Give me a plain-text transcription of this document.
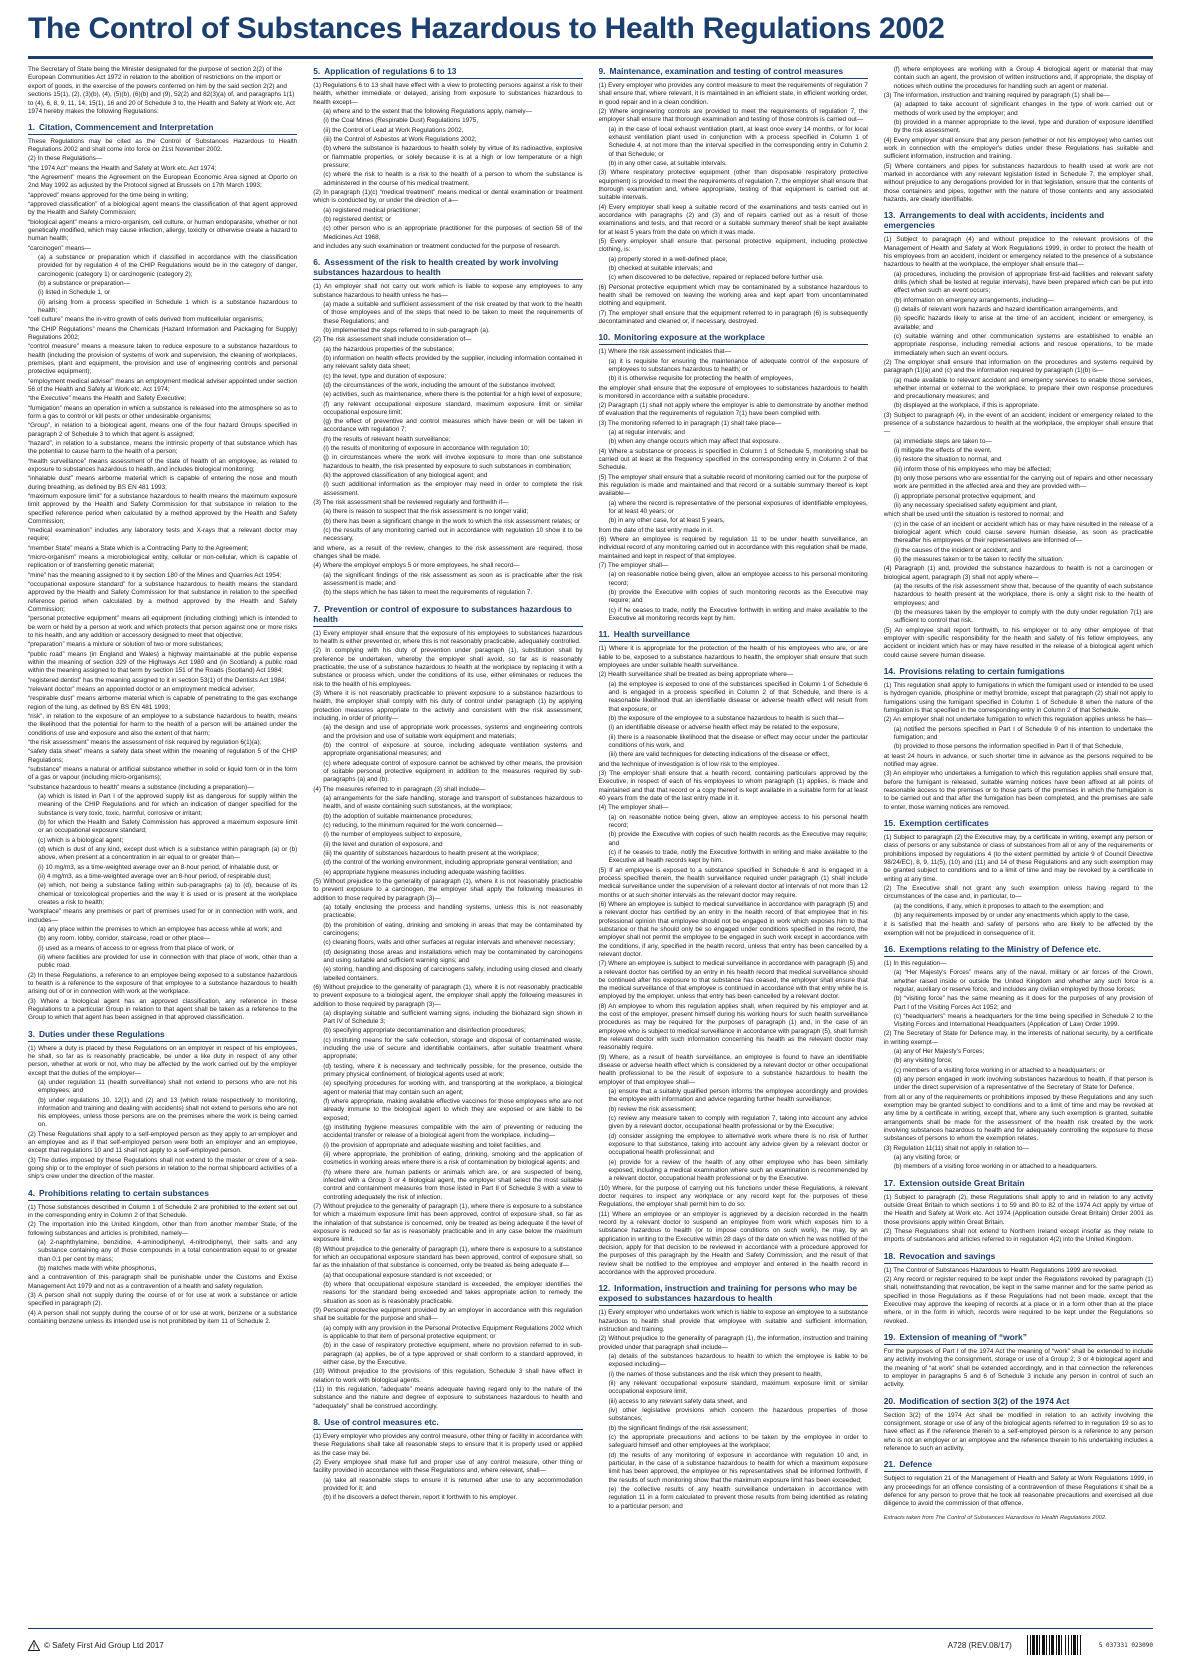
The Control of Substances Hazardous to Health Regulations 2002

The Secretary of State being the Minister designated for the purpose of section 2(2) of the European Communities Act 1972 in relation to the abolition of restrictions on the import or export of goods, in the exercise of the powers conferred on him by the said section 2(2) and sections 15(1), (2), (3)(b), (4), (5)(b), (6)(b) and (9), 52(2) and 82(3)(a) of, and paragraphs 1(1) to (4), 6, 8, 9, 11, 14, 15(1), 16 and 20 of Schedule 3 to, the Health and Safety at Work etc. Act 1974 hereby makes the following Regulations:

1. Citation, Commencement and Interpretation

These Regulations may be cited as the Control of Substances Hazardous to Health Regulations 2002 and shall come into force on 21st November 2002.

(2) In these Regulations—

“the 1974 Act” means the Health and Safety at Work etc. Act 1974;

“the Agreement” means the Agreement on the European Economic Area signed at Oporto on 2nd May 1992 as adjusted by the Protocol signed at Brussels on 17th March 1993;

“approved” means approved for the time being in writing;

“approved classification” of a biological agent means the classification of that agent approved by the Health and Safety Commission;

“biological agent” means a micro-organism, cell culture, or human endoparasite, whether or not genetically modified, which may cause infection, allergy, toxicity or otherwise create a hazard to human health;

“carcinogen” means—

(a) a substance or preparation which if classified in accordance with the classification provided for by regulation 4 of the CHIP Regulations would be in the category of danger, carcinogenic (category 1) or carcinogenic (category 2);

(b) a substance or preparation—

(i) listed in Schedule 1, or

(ii) arising from a process specified in Schedule 1 which is a substance hazardous to health;

“cell culture” means the in-vitro growth of cells derived from multicellular organisms;

“the CHIP Regulations” means the Chemicals (Hazard Information and Packaging for Supply) Regulations 2002;

“control measure” means a measure taken to reduce exposure to a substance hazardous to health (including the provision of systems of work and supervision, the cleaning of workplaces, premises, plant and equipment, the provision and use of engineering controls and personal protective equipment);

“employment medical adviser” means an employment medical adviser appointed under section 56 of the Health and Safety at Work etc. Act 1974;

“the Executive” means the Health and Safety Executive;

“fumigation” means an operation in which a substance is released into the atmosphere so as to form a gas to control or kill pests or other undesirable organisms;

“Group”, in relation to a biological agent, means one of the four hazard Groups specified in paragraph 2 of Schedule 3 to which that agent is assigned;

“hazard”, in relation to a substance, means the intrinsic property of that substance which has the potential to cause harm to the health of a person;

“health surveillance” means assessment of the state of health of an employee, as related to exposure to substances hazardous to health, and includes biological monitoring;

“inhalable dust” means airborne material which is capable of entering the nose and mouth during breathing, as defined by BS EN 481 1993;

“maximum exposure limit” for a substance hazardous to health means the maximum exposure limit approved by the Health and Safety Commission for that substance in relation to the specified reference period when calculated by a method approved by the Health and Safety Commission;

“medical examination” includes any laboratory tests and X-rays that a relevant doctor may require;

“member State” means a State which is a Contracting Party to the Agreement;

“micro-organism” means a microbiological entity, cellular or non-cellular, which is capable of replication or of transferring genetic material;

“mine” has the meaning assigned to it by section 180 of the Mines and Quarries Act 1954;

“occupational exposure standard” for a substance hazardous to health means the standard approved by the Health and Safety Commission for that substance in relation to the specified reference period when calculated by a method approved by the Health and Safety Commission;

“personal protective equipment” means all equipment (including clothing) which is intended to be worn or held by a person at work and which protects that person against one or more risks to his health, and any addition or accessory designed to meet that objective;

“preparation” means a mixture or solution of two or more substances;

“public road” means (in England and Wales) a highway maintainable at the public expense within the meaning of section 329 of the Highways Act 1980 and (in Scotland) a public road within the meaning assigned to that term by section 151 of the Roads (Scotland) Act 1984;

“registered dentist” has the meaning assigned to it in section 53(1) of the Dentists Act 1984;

“relevant doctor” means an appointed doctor or an employment medical adviser;

“respirable dust” means airborne material which is capable of penetrating to the gas exchange region of the lung, as defined by BS EN 481 1993;

“risk”, in relation to the exposure of an employee to a substance hazardous to health, means the likelihood that the potential for harm to the health of a person will be attained under the conditions of use and exposure and also the extent of that harm;

“the risk assessment” means the assessment of risk required by regulation 6(1)(a);

“safety data sheet” means a safety data sheet within the meaning of regulation 5 of the CHIP Regulations;

“substance” means a natural or artificial substance whether in solid or liquid form or in the form of a gas or vapour (including micro-organisms);

“substance hazardous to health” means a substance (including a preparation)—

(a) which is listed in Part I of the approved supply list as dangerous for supply within the meaning of the CHIP Regulations and for which an indication of danger specified for the substance is very toxic, toxic, harmful, corrosive or irritant;

(b) for which the Health and Safety Commission has approved a maximum exposure limit or an occupational exposure standard;

(c) which is a biological agent;

(d) which is dust of any kind, except dust which is a substance within paragraph (a) or (b) above, when present at a concentration in air equal to or greater than—

(i) 10 mg/m3, as a time-weighted average over an 8-hour period, of inhalable dust, or

(ii) 4 mg/m3, as a time-weighted average over an 8-hour period, of respirable dust;

(e) which, not being a substance falling within sub-paragraphs (a) to (d), because of its chemical or toxicological properties and the way it is used or is present at the workplace creates a risk to health;

“workplace” means any premises or part of premises used for or in connection with work, and includes—

(a) any place within the premises to which an employee has access while at work; and

(b) any room, lobby, corridor, staircase, road or other place—

(i) used as a means of access to or egress from that place of work, or

(ii) where facilities are provided for use in connection with that place of work, other than a public road.

(2) In these Regulations, a reference to an employee being exposed to a substance hazardous to health is a reference to the exposure of that employee to a substance hazardous to health arising out of or in connection with work at the workplace.

(3) Where a biological agent has an approved classification, any reference in these Regulations to a particular Group in relation to that agent shall be taken as a reference to the Group to which that agent has been assigned in that approved classification.

3. Duties under these Regulations

(1) Where a duty is placed by these Regulations on an employer in respect of his employees, he shall, so far as is reasonably practicable, be under a like duty in respect of any other person, whether at work or not, who may be affected by the work carried out by the employer except that the duties of the employer—

(a) under regulation 11 (health surveillance) shall not extend to persons who are not his employees; and

(b) under regulations 10, 12(1) and (2) and 13 (which relate respectively to monitoring, information and training and dealing with accidents) shall not extend to persons who are not his employees, unless those persons are on the premises where the work is being carried on.

(2) These Regulations shall apply to a self-employed person as they apply to an employer and an employee and as if that self-employed person were both an employer and an employee, except that regulations 10 and 11 shall not apply to a self-employed person.

(3) The duties imposed by these Regulations shall not extend to the master or crew of a sea-going ship or to the employer of such persons in relation to the normal shipboard activities of a ship's crew under the direction of the master.

4. Prohibitions relating to certain substances

(1) Those substances described in Column 1 of Schedule 2 are prohibited to the extent set out in the corresponding entry in Column 2 of that Schedule.

(2) The importation into the United Kingdom, other than from another member State, of the following substances and articles is prohibited, namely—

(a) 2-naphthylamine, benzidine, 4-aminodiphenyl, 4-nitrodiphenyl, their salts and any substance containing any of those compounds in a total concentration equal to or greater than 0.1 per cent by mass;

(b) matches made with white phosphorus,

and a contravention of this paragraph shall be punishable under the Customs and Excise Management Act 1979 and not as a contravention of a health and safety regulation.

(3) A person shall not supply during the course of or for use at work a substance or article specified in paragraph (2).

(4) A person shall not supply during the course of or for use at work, benzene or a substance containing benzene unless its intended use is not prohibited by item 11 of Schedule 2.

5. Application of regulations 6 to 13

(1) Regulations 6 to 13 shall have effect with a view to protecting persons against a risk to their health, whether immediate or delayed, arising from exposure to substances hazardous to health except—

(a) where and to the extent that the following Regulations apply, namely—

(i) the Coal Mines (Respirable Dust) Regulations 1975,

(ii) the Control of Lead at Work Regulations 2002,

(iii) the Control of Asbestos at Work Regulations 2002;

(b) where the substance is hazardous to health solely by virtue of its radioactive, explosive or flammable properties, or solely because it is at a high or low temperature or a high pressure;

(c) where the risk to health is a risk to the health of a person to whom the substance is administered in the course of his medical treatment.

(2) In paragraph (1)(c) “medical treatment” means medical or dental examination or treatment which is conducted by, or under the direction of a—

(a) registered medical practitioner;

(b) registered dentist; or

(c) other person who is an appropriate practitioner for the purposes of section 58 of the Medicines Act 1968,

and includes any such examination or treatment conducted for the purpose of research.

6. Assessment of the risk to health created by work involving substances hazardous to health

(1) An employer shall not carry out work which is liable to expose any employees to any substance hazardous to health unless he has—

(a) made a suitable and sufficient assessment of the risk created by that work to the health of those employees and of the steps that need to be taken to meet the requirements of these Regulations; and

(b) implemented the steps referred to in sub-paragraph (a).

(2) The risk assessment shall include consideration of—

(a) the hazardous properties of the substance;

(b) information on health effects provided by the supplier, including information contained in any relevant safety data sheet;

(c) the level, type and duration of exposure;

(d) the circumstances of the work, including the amount of the substance involved;

(e) activities, such as maintenance, where there is the potential for a high level of exposure;

(f) any relevant occupational exposure standard, maximum exposure limit or similar occupational exposure limit;

(g) the effect of preventive and control measures which have been or will be taken in accordance with regulation 7;

(h) the results of relevant health surveillance;

(i) the results of monitoring of exposure in accordance with regulation 10;

(j) in circumstances where the work will involve exposure to more than one substance hazardous to health, the risk presented by exposure to such substances in combination;

(k) the approved classification of any biological agent; and

(l) such additional information as the employer may need in order to complete the risk assessment.

(3) The risk assessment shall be reviewed regularly and forthwith if—

(a) there is reason to suspect that the risk assessment is no longer valid;

(b) there has been a significant change in the work to which the risk assessment relates; or

(c) the results of any monitoring carried out in accordance with regulation 10 show it to be necessary,

and where, as a result of the review, changes to the risk assessment are required, those changes shall be made.

(4) Where the employer employs 5 or more employees, he shall record—

(a) the significant findings of the risk assessment as soon as is practicable after the risk assessment is made; and

(b) the steps which he has taken to meet the requirements of regulation 7.

7. Prevention or control of exposure to substances hazardous to health

(1) Every employer shall ensure that the exposure of his employees to substances hazardous to health is either prevented or, where this is not reasonably practicable, adequately controlled.

(2) In complying with his duty of prevention under paragraph (1), substitution shall by preference be undertaken, whereby the employer shall avoid, so far as is reasonably practicable, the use of a substance hazardous to health at the workplace by replacing it with a substance or process which, under the conditions of its use, either eliminates or reduces the risk to the health of his employees.

(3) Where it is not reasonably practicable to prevent exposure to a substance hazardous to health, the employer shall comply with his duty of control under paragraph (1) by applying protection measures appropriate to the activity and consistent with the risk assessment, including, in order of priority—

(a) the design and use of appropriate work processes, systems and engineering controls and the provision and use of suitable work equipment and materials;

(b) the control of exposure at source, including adequate ventilation systems and appropriate organisational measures; and

(c) where adequate control of exposure cannot be achieved by other means, the provision of suitable personal protective equipment in addition to the measures required by sub-paragraphs (a) and (b).

(4) The measures referred to in paragraph (3) shall include—

(a) arrangements for the safe handling, storage and transport of substances hazardous to health, and of waste containing such substances, at the workplace;

(b) the adoption of suitable maintenance procedures;

(c) reducing, to the minimum required for the work concerned—

(i) the number of employees subject to exposure,

(ii) the level and duration of exposure, and

(iii) the quantity of substances hazardous to health present at the workplace;

(d) the control of the working environment, including appropriate general ventilation; and

(e) appropriate hygiene measures including adequate washing facilities.

(5) Without prejudice to the generality of paragraph (1), where it is not reasonably practicable to prevent exposure to a carcinogen, the employer shall apply the following measures in addition to those required by paragraph (3)—

(a) totally enclosing the process and handling systems, unless this is not reasonably practicable;

(b) the prohibition of eating, drinking and smoking in areas that may be contaminated by carcinogens;

(c) cleaning floors, walls and other surfaces at regular intervals and whenever necessary;

(d) designating those areas and installations which may be contaminated by carcinogens and using suitable and sufficient warning signs; and

(e) storing, handling and disposing of carcinogens safely, including using closed and clearly labelled containers.

(6) Without prejudice to the generality of paragraph (1), where it is not reasonably practicable to prevent exposure to a biological agent, the employer shall apply the following measures in addition to those required by paragraph (3)—

(a) displaying suitable and sufficient warning signs, including the biohazard sign shown in Part IV of Schedule 3;

(b) specifying appropriate decontamination and disinfection procedures;

(c) instituting means for the safe collection, storage and disposal of contaminated waste, including the use of secure and identifiable containers, after suitable treatment where appropriate;

(d) testing, where it is necessary and technically possible, for the presence, outside the primary physical confinement, of biological agents used at work;

(e) specifying procedures for working with, and transporting at the workplace, a biological agent or material that may contain such an agent;

(f) where appropriate, making available effective vaccines for those employees who are not already immune to the biological agent to which they are exposed or are liable to be exposed;

(g) instituting hygiene measures compatible with the aim of preventing or reducing the accidental transfer or release of a biological agent from the workplace, including—

(i) the provision of appropriate and adequate washing and toilet facilities, and

(ii) where appropriate, the prohibition of eating, drinking, smoking and the application of cosmetics in working areas where there is a risk of contamination by biological agents; and

(h) where there are human patients or animals which are, or are suspected of being, infected with a Group 3 or 4 biological agent, the employer shall select the most suitable control and containment measures from those listed in Part II of Schedule 3 with a view to controlling adequately the risk of infection.

(7) Without prejudice to the generality of paragraph (1), where there is exposure to a substance for which a maximum exposure limit has been approved, control of exposure shall, so far as the inhalation of that substance is concerned, only be treated as being adequate if the level of exposure is reduced so far as is reasonably practicable and in any case below the maximum exposure limit.

(8) Without prejudice to the generality of paragraph (1), where there is exposure to a substance for which an occupational exposure standard has been approved, control of exposure shall, so far as the inhalation of that substance is concerned, only be treated as being adequate if—

(a) that occupational exposure standard is not exceeded; or

(b) where that occupational exposure standard is exceeded, the employer identifies the reasons for the standard being exceeded and takes appropriate action to remedy the situation as soon as is reasonably practicable.

(9) Personal protective equipment provided by an employer in accordance with this regulation shall be suitable for the purpose and shall—

(a) comply with any provision in the Personal Protective Equipment Regulations 2002 which is applicable to that item of personal protective equipment; or

(b) in the case of respiratory protective equipment, where no provision referred to in sub-paragraph (a) applies, be of a type approved or shall conform to a standard approved, in either case, by the Executive.

(10) Without prejudice to the provisions of this regulation, Schedule 3 shall have effect in relation to work with biological agents.

(11) In this regulation, “adequate” means adequate having regard only to the nature of the substance and the nature and degree of exposure to substances hazardous to health and “adequately” shall be construed accordingly.

8. Use of control measures etc.

(1) Every employer who provides any control measure, other thing or facility in accordance with these Regulations shall take all reasonable steps to ensure that it is properly used or applied as the case may be.

(2) Every employee shall make full and proper use of any control measure, other thing or facility provided in accordance with these Regulations and, where relevant, shall—

(a) take all reasonable steps to ensure it is returned after use to any accommodation provided for it; and

(b) if he discovers a defect therein, report it forthwith to his employer.

9. Maintenance, examination and testing of control measures

(1) Every employer who provides any control measure to meet the requirements of regulation 7 shall ensure that, where relevant, it is maintained in an efficient state, in efficient working order, in good repair and in a clean condition.

(2) Where engineering controls are provided to meet the requirements of regulation 7, the employer shall ensure that thorough examination and testing of those controls is carried out—

(a) in the case of local exhaust ventilation plant, at least once every 14 months, or for local exhaust ventilation plant used in conjunction with a process specified in Column 1 of Schedule 4, at not more than the interval specified in the corresponding entry in Column 2 of that Schedule; or

(b) in any other case, at suitable intervals.

(3) Where respiratory protective equipment (other than disposable respiratory protective equipment) is provided to meet the requirements of regulation 7, the employer shall ensure that thorough examination and, where appropriate, testing of that equipment is carried out at suitable intervals.

(4) Every employer shall keep a suitable record of the examinations and tests carried out in accordance with paragraphs (2) and (3) and of repairs carried out as a result of those examinations and tests, and that record or a suitable summary thereof shall be kept available for at least 5 years from the date on which it was made.

(5) Every employer shall ensure that personal protective equipment, including protective clothing, is:

(a) properly stored in a well-defined place;

(b) checked at suitable intervals; and

(c) when discovered to be defective, repaired or replaced before further use.

(6) Personal protective equipment which may be contaminated by a substance hazardous to health shall be removed on leaving the working area and kept apart from uncontaminated clothing and equipment.

(7) The employer shall ensure that the equipment referred to in paragraph (6) is subsequently decontaminated and cleaned or, if necessary, destroyed.

10. Monitoring exposure at the workplace

(1) Where the risk assessment indicates that—

(a) it is requisite for ensuring the maintenance of adequate control of the exposure of employees to substances hazardous to health; or

(b) it is otherwise requisite for protecting the health of employees,

the employer shall ensure that the exposure of employees to substances hazardous to health is monitored in accordance with a suitable procedure.

(2) Paragraph (1) shall not apply where the employer is able to demonstrate by another method of evaluation that the requirements of regulation 7(1) have been complied with.

(3) The monitoring referred to in paragraph (1) shall take place—

(a) at regular intervals; and

(b) when any change occurs which may affect that exposure.

(4) Where a substance or process is specified in Column 1 of Schedule 5, monitoring shall be carried out at least at the frequency specified in the corresponding entry in Column 2 of that Schedule.

(5) The employer shall ensure that a suitable record of monitoring carried out for the purpose of this regulation is made and maintained and that record or a suitable summary thereof is kept available—

(a) where the record is representative of the personal exposures of identifiable employees, for at least 40 years; or

(b) in any other case, for at least 5 years,

from the date of the last entry made in it.

(6) Where an employee is required by regulation 11 to be under health surveillance, an individual record of any monitoring carried out in accordance with this regulation shall be made, maintained and kept in respect of that employee.

(7) The employer shall—

(a) on reasonable notice being given, allow an employee access to his personal monitoring record;

(b) provide the Executive with copies of such monitoring records as the Executive may require; and

(c) if he ceases to trade, notify the Executive forthwith in writing and make available to the Executive all monitoring records kept by him.

11. Health surveillance

(1) Where it is appropriate for the protection of the health of his employees who are, or are liable to be, exposed to a substance hazardous to health, the employer shall ensure that such employees are under suitable health surveillance.

(2) Health surveillance shall be treated as being appropriate where—

(a) the employee is exposed to one of the substances specified in Column 1 of Schedule 6 and is engaged in a process specified in Column 2 of that Schedule, and there is a reasonable likelihood that an identifiable disease or adverse health effect will result from that exposure; or

(b) the exposure of the employee to a substance hazardous to health is such that—

(i) an identifiable disease or adverse health effect may be related to the exposure,

(ii) there is a reasonable likelihood that the disease or effect may occur under the particular conditions of his work, and

(iii) there are valid techniques for detecting indications of the disease or effect,

and the technique of investigation is of low risk to the employee.

(3) The employer shall ensure that a health record, containing particulars approved by the Executive, in respect of each of his employees to whom paragraph (1) applies, is made and maintained and that that record or a copy thereof is kept available in a suitable form for at least 40 years from the date of the last entry made in it.

(4) The employer shall—

(a) on reasonable notice being given, allow an employee access to his personal health record;

(b) provide the Executive with copies of such health records as the Executive may require; and

(c) if he ceases to trade, notify the Executive forthwith in writing and make available to the Executive all health records kept by him.

(5) If an employee is exposed to a substance specified in Schedule 6 and is engaged in a process specified therein, the health surveillance required under paragraph (1) shall include medical surveillance under the supervision of a relevant doctor at intervals of not more than 12 months or at such shorter intervals as the relevant doctor may require.

(6) Where an employee is subject to medical surveillance in accordance with paragraph (5) and a relevant doctor has certified by an entry in the health record of that employee that in his professional opinion that employee should not be engaged in work which exposes him to that substance or that he should only be so engaged under conditions specified in the record, the employer shall not permit the employee to be engaged in such work except in accordance with the conditions, if any, specified in the health record, unless that entry has been cancelled by a relevant doctor.

(7) Where an employee is subject to medical surveillance in accordance with paragraph (5) and a relevant doctor has certified by an entry in his health record that medical surveillance should be continued after his exposure to that substance has ceased, the employer shall ensure that the medical surveillance of that employee is continued in accordance with that entry while he is employed by the employer, unless that entry has been cancelled by a relevant doctor.

(8) An employee to whom this regulation applies shall, when required by his employer and at the cost of the employer, present himself during his working hours for such health surveillance procedures as may be required for the purposes of paragraph (1) and, in the case of an employee who is subject to medical surveillance in accordance with paragraph (5), shall furnish the relevant doctor with such information concerning his health as the relevant doctor may reasonably require.

(9) Where, as a result of health surveillance, an employee is found to have an identifiable disease or adverse health effect which is considered by a relevant doctor or other occupational health professional to be the result of exposure to a substance hazardous to health the employer of that employee shall—

(a) ensure that a suitably qualified person informs the employee accordingly and provides the employee with information and advice regarding further health surveillance;

(b) review the risk assessment;

(c) review any measure taken to comply with regulation 7, taking into account any advice given by a relevant doctor, occupational health professional or by the Executive;

(d) consider assigning the employee to alternative work where there is no risk of further exposure to that substance, taking into account any advice given by a relevant doctor or occupational health professional; and

(e) provide for a review of the health of any other employee who has been similarly exposed, including a medical examination where such an examination is recommended by a relevant doctor, occupational health professional or by the Executive.

(10) Where, for the purpose of carrying out his functions under these Regulations, a relevant doctor requires to inspect any workplace or any record kept for the purposes of these Regulations, the employer shall permit him to do so.

(11) Where an employee or an employer is aggrieved by a decision recorded in the health record by a relevant doctor to suspend an employee from work which exposes him to a substance hazardous to health (or to impose conditions on such work), he may, by an application in writing to the Executive within 28 days of the date on which he was notified of the decision, apply for that decision to be reviewed in accordance with a procedure approved for the purposes of this paragraph by the Health and Safety Commission, and the result of that review shall be notified to the employee and employer and entered in the health record in accordance with the approved procedure.

12. Information, instruction and training for persons who may be exposed to substances hazardous to health

(1) Every employer who undertakes work which is liable to expose an employee to a substance hazardous to health shall provide that employee with suitable and sufficient information, instruction and training.

(2) Without prejudice to the generality of paragraph (1), the information, instruction and training provided under that paragraph shall include—

(a) details of the substances hazardous to health to which the employee is liable to be exposed including—

(i) the names of those substances and the risk which they present to health,

(ii) any relevant occupational exposure standard, maximum exposure limit or similar occupational exposure limit,

(iii) access to any relevant safety data sheet, and

(iv) other legislative provisions which concern the hazardous properties of those substances;

(b) the significant findings of the risk assessment;

(c) the appropriate precautions and actions to be taken by the employee in order to safeguard himself and other employees at the workplace;

(d) the results of any monitoring of exposure in accordance with regulation 10 and, in particular, in the case of a substance hazardous to health for which a maximum exposure limit has been approved, the employee or his representatives shall be informed forthwith, if the results of such monitoring show that the maximum exposure limit has been exceeded;

(e) the collective results of any health surveillance undertaken in accordance with regulation 11 in a form calculated to prevent those results from being identified as relating to a particular person; and

(f) where employees are working with a Group 4 biological agent or material that may contain such an agent, the provision of written instructions and, if appropriate, the display of notices which outline the procedures for handling such an agent or material.

(3) The information, instruction and training required by paragraph (1) shall be—

(a) adapted to take account of significant changes in the type of work carried out or methods of work used by the employer; and

(b) provided in a manner appropriate to the level, type and duration of exposure identified by the risk assessment.

(4) Every employer shall ensure that any person (whether or not his employee) who carries out work in connection with the employer's duties under these Regulations has suitable and sufficient information, instruction and training.

(5) Where containers and pipes for substances hazardous to health used at work are not marked in accordance with any relevant legislation listed in Schedule 7, the employer shall, without prejudice to any derogations provided for in that legislation, ensure that the contents of those containers and pipes, together with the nature of those contents and any associated hazards, are clearly identifiable.

13. Arrangements to deal with accidents, incidents and emergencies

(1) Subject to paragraph (4) and without prejudice to the relevant provisions of the Management of Health and Safety at Work Regulations 1999, in order to protect the health of his employees from an accident, incident or emergency related to the presence of a substance hazardous to health at the workplace, the employer shall ensure that—

(a) procedures, including the provision of appropriate first-aid facilities and relevant safety drills (which shall be tested at regular intervals), have been prepared which can be put into effect when such an event occurs;

(b) information on emergency arrangements, including—

(i) details of relevant work hazards and hazard identification arrangements, and

(ii) specific hazards likely to arise at the time of an accident, incident or emergency, is available; and

(c) suitable warning and other communication systems are established to enable an appropriate response, including remedial actions and rescue operations, to be made immediately when such an event occurs.

(2) The employer shall ensure that information on the procedures and systems required by paragraph (1)(a) and (c) and the information required by paragraph (1)(b) is—

(a) made available to relevant accident and emergency services to enable those services, whether internal or external to the workplace, to prepare their own response procedures and precautionary measures; and

(b) displayed at the workplace, if this is appropriate.

(3) Subject to paragraph (4), in the event of an accident, incident or emergency related to the presence of a substance hazardous to health at the workplace, the employer shall ensure that—

(a) immediate steps are taken to—

(i) mitigate the effects of the event,

(ii) restore the situation to normal, and

(iii) inform those of his employees who may be affected;

(b) only those persons who are essential for the carrying out of repairs and other necessary work are permitted in the affected area and they are provided with—

(i) appropriate personal protective equipment, and

(ii) any necessary specialised safety equipment and plant,

which shall be used until the situation is restored to normal; and

(c) in the case of an incident or accident which has or may have resulted in the release of a biological agent which could cause severe human disease, as soon as practicable thereafter his employees or their representatives are informed of—

(i) the causes of the incident or accident, and

(ii) the measures taken or to be taken to rectify the situation.

(4) Paragraph (1) and, provided the substance hazardous to health is not a carcinogen or biological agent, paragraph (3) shall not apply where—

(a) the results of the risk assessment show that, because of the quantity of each substance hazardous to health present at the workplace, there is only a slight risk to the health of employees; and

(b) the measures taken by the employer to comply with the duty under regulation 7(1) are sufficient to control that risk.

(5) An employee shall report forthwith, to his employer or to any other employee of that employer with specific responsibility for the health and safety of his fellow employees, any accident or incident which has or may have resulted in the release of a biological agent which could cause severe human disease.

14. Provisions relating to certain fumigations

(1) This regulation shall apply to fumigations in which the fumigant used or intended to be used is hydrogen cyanide, phosphine or methyl bromide, except that paragraph (2) shall not apply to fumigations using the fumigant specified in Column 1 of Schedule 8 when the nature of the fumigation is that specified in the corresponding entry in Column 2 of that Schedule.

(2) An employer shall not undertake fumigation to which this regulation applies unless he has—

(a) notified the persons specified in Part I of Schedule 9 of his intention to undertake the fumigation; and

(b) provided to those persons the information specified in Part II of that Schedule,

at least 24 hours in advance, or such shorter time in advance as the persons required to be notified may agree.

(3) An employer who undertakes a fumigation to which this regulation applies shall ensure that, before the fumigant is released, suitable warning notices have been affixed at all points of reasonable access to the premises or to those parts of the premises in which the fumigation is to be carried out and that after the fumigation has been completed, and the premises are safe to enter, those warning notices are removed.

15. Exemption certificates

(1) Subject to paragraph (2) the Executive may, by a certificate in writing, exempt any person or class of persons or any substance or class of substances from all or any of the requirements or prohibitions imposed by regulations 4 (to the extent permitted by article 9 of Council Directive 98/24/EC), 8, 9, 11(5), (10) and (11) and 14 of these Regulations and any such exemption may be granted subject to conditions and to a limit of time and may be revoked by a certificate in writing at any time.

(2) The Executive shall not grant any such exemption unless having regard to the circumstances of the case and, in particular, to—

(a) the conditions, if any, which it proposes to attach to the exemption; and

(b) any requirements imposed by or under any enactments which apply to the case,

it is satisfied that the health and safety of persons who are likely to be affected by the exemption will not be prejudiced in consequence of it.

16. Exemptions relating to the Ministry of Defence etc.

(1) In this regulation—

(a) “Her Majesty's Forces” means any of the naval, military or air forces of the Crown, whether raised inside or outside the United Kingdom and whether any such force is a regular, auxiliary or reserve force, and includes any civilian employed by those forces;

(b) “visiting force” has the same meaning as it does for the purposes of any provision of Part I of the Visiting Forces Act 1952; and

(c) “headquarters” means a headquarters for the time being specified in Schedule 2 to the Visiting Forces and International Headquarters (Application of Law) Order 1999.

(2) The Secretary of State for Defence may, in the interests of national security, by a certificate in writing exempt—

(a) any of Her Majesty's Forces;

(b) any visiting force;

(c) members of a visiting force working in or attached to a headquarters; or

(d) any person engaged in work involving substances hazardous to health, if that person is under the direct supervision of a representative of the Secretary of State for Defence,

from all or any of the requirements or prohibitions imposed by these Regulations and any such exemption may be granted subject to conditions and to a limit of time and may be revoked at any time by a certificate in writing, except that, where any such exemption is granted, suitable arrangements shall be made for the assessment of the health risk created by the work involving substances hazardous to health and for adequately controlling the exposure to those substances of persons to whom the exemption relates.

(3) Regulation 11(11) shall not apply in relation to—

(a) any visiting force; or

(b) members of a visiting force working in or attached to a headquarters.

17. Extension outside Great Britain

(1) Subject to paragraph (2), these Regulations shall apply to and in relation to any activity outside Great Britain to which sections 1 to 59 and 80 to 82 of the 1974 Act apply by virtue of the Health and Safety at Work etc. Act 1974 (Application outside Great Britain) Order 2001 as those provisions apply within Great Britain.

(2) These Regulations shall not extend to Northern Ireland except insofar as they relate to imports of substances and articles referred to in regulation 4(2) into the United Kingdom.

18. Revocation and savings

(1) The Control of Substances Hazardous to Health Regulations 1999 are revoked.

(2) Any record or register required to be kept under the Regulations revoked by paragraph (1) shall, notwithstanding that revocation, be kept in the same manner and for the same period as specified in those Regulations as if these Regulations had not been made, except that the Executive may approve the keeping of records at a place or in a form other than at the place where, or in the form in which, records were required to be kept under the Regulations so revoked.

19. Extension of meaning of “work”

For the purposes of Part I of the 1974 Act the meaning of “work” shall be extended to include any activity involving the consignment, storage or use of a Group 2, 3 or 4 biological agent and the meaning of “at work” shall be extended accordingly, and in that connection the references to employer in paragraphs 5 and 6 of Schedule 3 include any person in control of such an activity.

20. Modification of section 3(2) of the 1974 Act

Section 3(2) of the 1974 Act shall be modified in relation to an activity involving the consignment, storage or use of any of the biological agents referred to in regulation 19 so as to have effect as if the reference therein to a self-employed person is a reference to any person who is not an employer or an employee and the reference therein to his undertaking includes a reference to such an activity.

21. Defence

Subject to regulation 21 of the Management of Health and Safety at Work Regulations 1999, in any proceedings for an offence consisting of a contravention of these Regulations it shall be a defence for any person to prove that he took all reasonable precautions and exercised all due diligence to avoid the commission of that offence.

Extracts taken from The Control of Substances Hazardous to Health Regulations 2002.

© Safety First Aid Group Ltd 2017	A728 (REV.08/17)	5 037331 023090
